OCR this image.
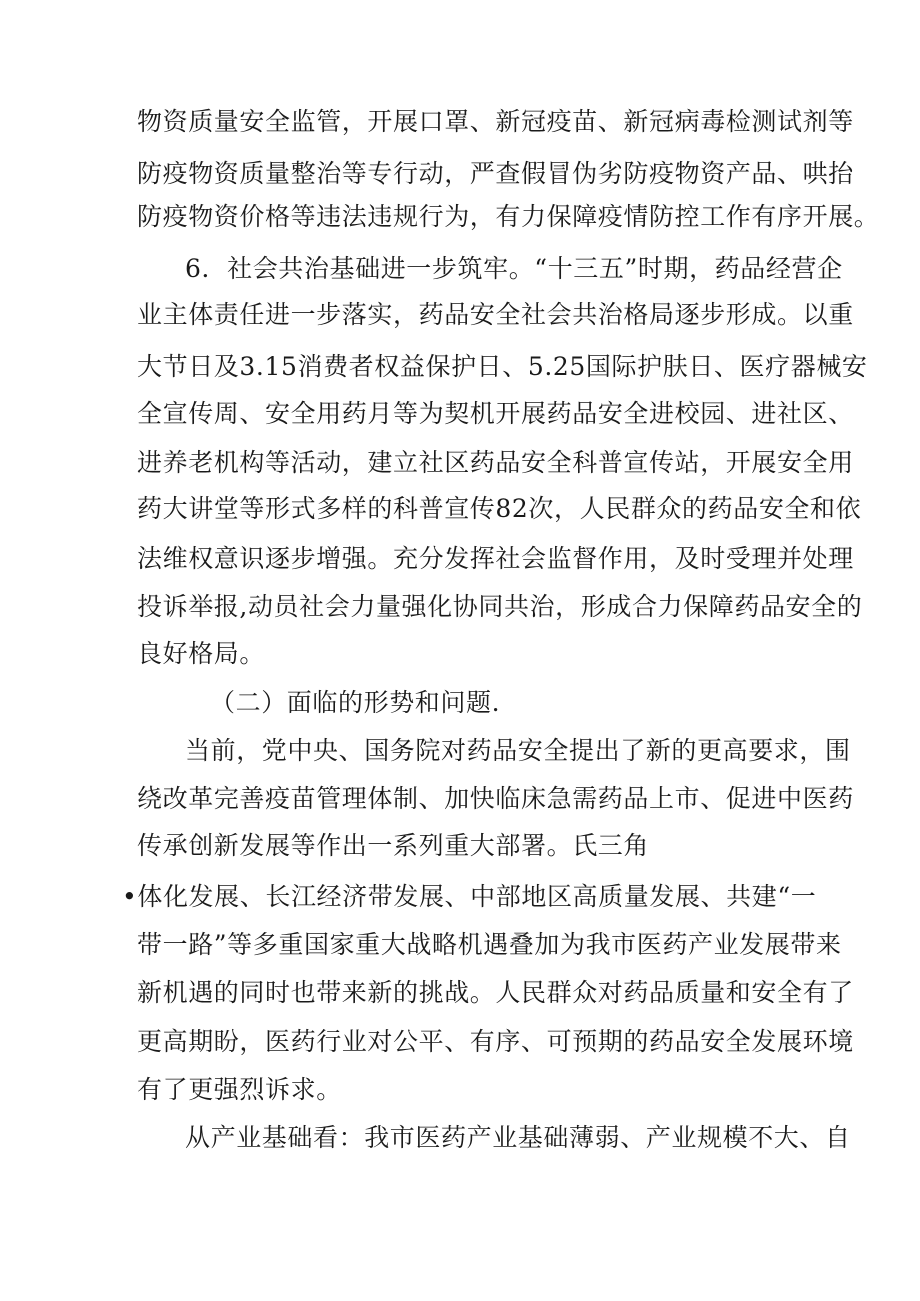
物资质量安全监管，开展口罩、新冠疫苗、新冠病毒检测试剂等
防疫物资质量整治等专行动，严查假冒伪劣防疫物资产品、哄抬
防疫物资价格等违法违规行为，有力保障疫情防控工作有序开展。
6．社会共治基础进一步筑牢。“十三五”时期，药品经营企
业主体责任进一步落实，药品安全社会共治格局逐步形成。以重
大节日及3.15消费者权益保护日、5.25国际护肤日、医疗器械安
全宣传周、安全用药月等为契机开展药品安全进校园、进社区、
进养老机构等活动，建立社区药品安全科普宣传站，开展安全用
药大讲堂等形式多样的科普宣传82次，人民群众的药品安全和依
法维权意识逐步增强。充分发挥社会监督作用，及时受理并处理
投诉举报,动员社会力量强化协同共治，形成合力保障药品安全的
良好格局。
（二）面临的形势和问题.
当前，党中央、国务院对药品安全提出了新的更高要求，围
绕改革完善疫苗管理体制、加快临床急需药品上市、促进中医药
传承创新发展等作出一系列重大部署。氏三角
•体化发展、长江经济带发展、中部地区高质量发展、共建“一
带一路”等多重国家重大战略机遇叠加为我市医药产业发展带来
新机遇的同时也带来新的挑战。人民群众对药品质量和安全有了
更高期盼，医药行业对公平、有序、可预期的药品安全发展环境
有了更强烈诉求。
从产业基础看：我市医药产业基础薄弱、产业规模不大、自
